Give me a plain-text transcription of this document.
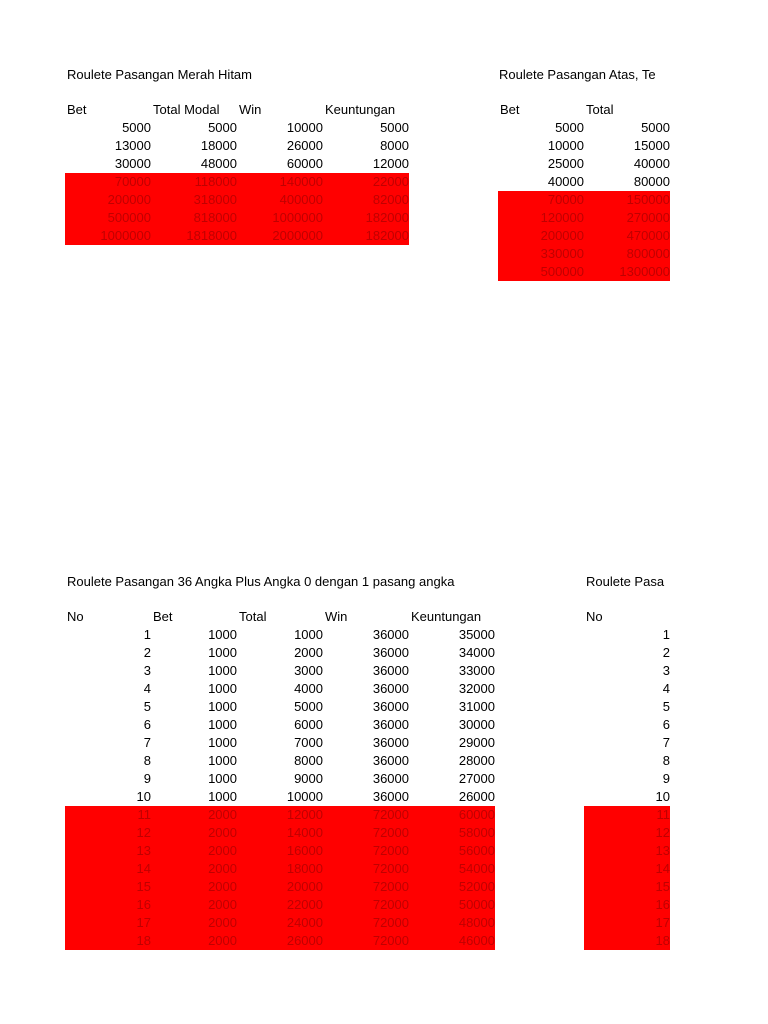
Roulete Pasangan Merah Hitam
Bet	Total Modal	Win	Keuntungan
5000	5000	10000	5000
13000	18000	26000	8000
30000	48000	60000	12000
70000	118000	140000	22000
200000	318000	400000	82000
500000	818000	1000000	182000
1000000	1818000	2000000	182000
Roulete Pasangan Atas, Te
Bet	Total
5000	5000
10000	15000
25000	40000
40000	80000
70000	150000
120000	270000
200000	470000
330000	800000
500000	1300000
Roulete Pasangan 36 Angka Plus Angka 0 dengan 1 pasang angka
No	Bet	Total	Win	Keuntungan
1	1000	1000	36000	35000
2	1000	2000	36000	34000
3	1000	3000	36000	33000
4	1000	4000	36000	32000
5	1000	5000	36000	31000
6	1000	6000	36000	30000
7	1000	7000	36000	29000
8	1000	8000	36000	28000
9	1000	9000	36000	27000
10	1000	10000	36000	26000
11	2000	12000	72000	60000
12	2000	14000	72000	58000
13	2000	16000	72000	56000
14	2000	18000	72000	54000
15	2000	20000	72000	52000
16	2000	22000	72000	50000
17	2000	24000	72000	48000
18	2000	26000	72000	46000
Roulete Pasa
No
1
2
3
4
5
6
7
8
9
10
11
12
13
14
15
16
17
18
